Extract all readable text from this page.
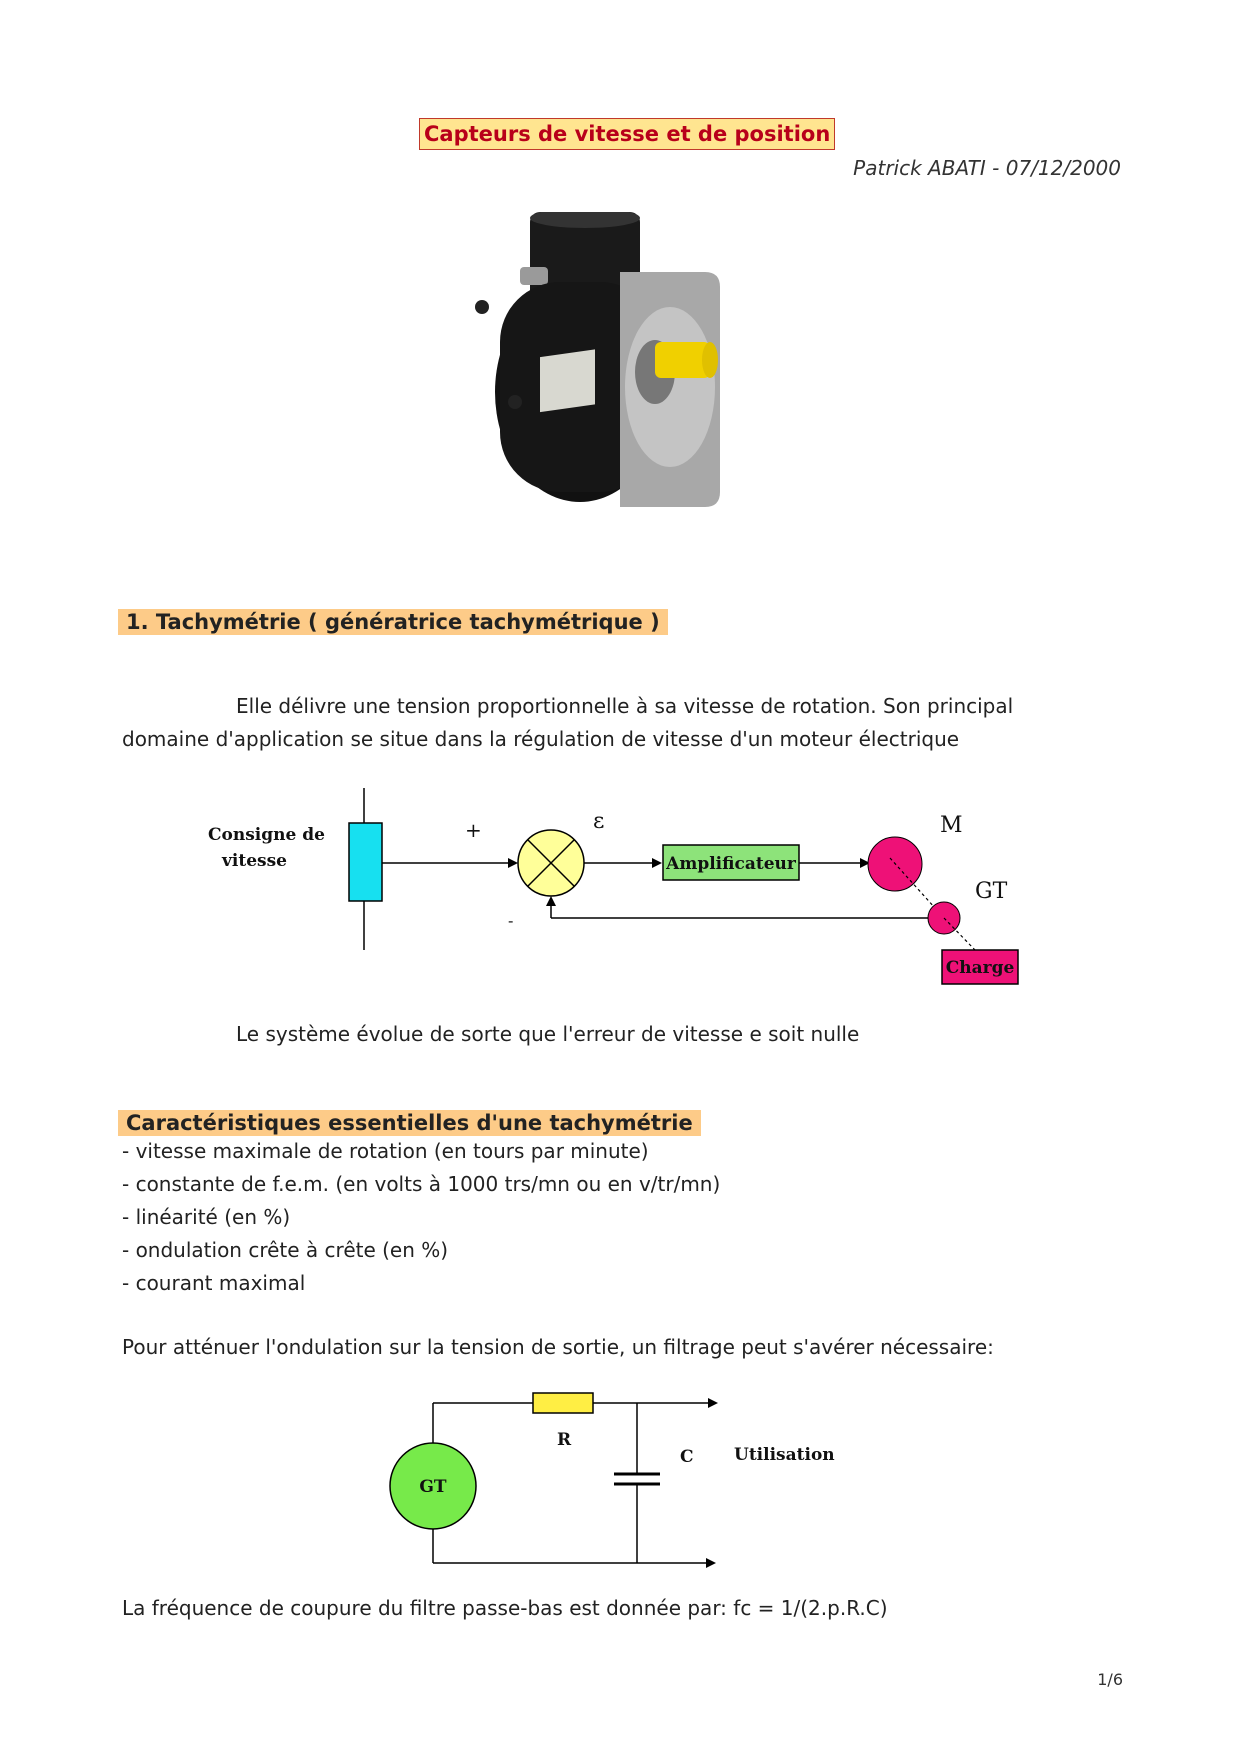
Capteurs de vitesse et de position
Patrick ABATI - 07/12/2000
1. Tachymétrie ( génératrice tachymétrique )
Elle délivre une tension proportionnelle à sa vitesse de rotation. Son principal
domaine d'application se situe dans la régulation de vitesse d'un moteur électrique
Consigne de
vitesse
+
-
ε
Amplificateur
M
GT
Charge
Le système évolue de sorte que l'erreur de vitesse e soit nulle
Caractéristiques essentielles d'une tachymétrie
- vitesse maximale de rotation (en tours par minute)
- constante de f.e.m. (en volts à 1000 trs/mn ou en v/tr/mn)
- linéarité (en %)
- ondulation crête à crête (en %)
- courant maximal
Pour atténuer l'ondulation sur la tension de sortie, un filtrage peut s'avérer nécessaire:
R
GT
C Utilisation
La fréquence de coupure du filtre passe-bas est donnée par: fc = 1/(2.p.R.C)
1/6
